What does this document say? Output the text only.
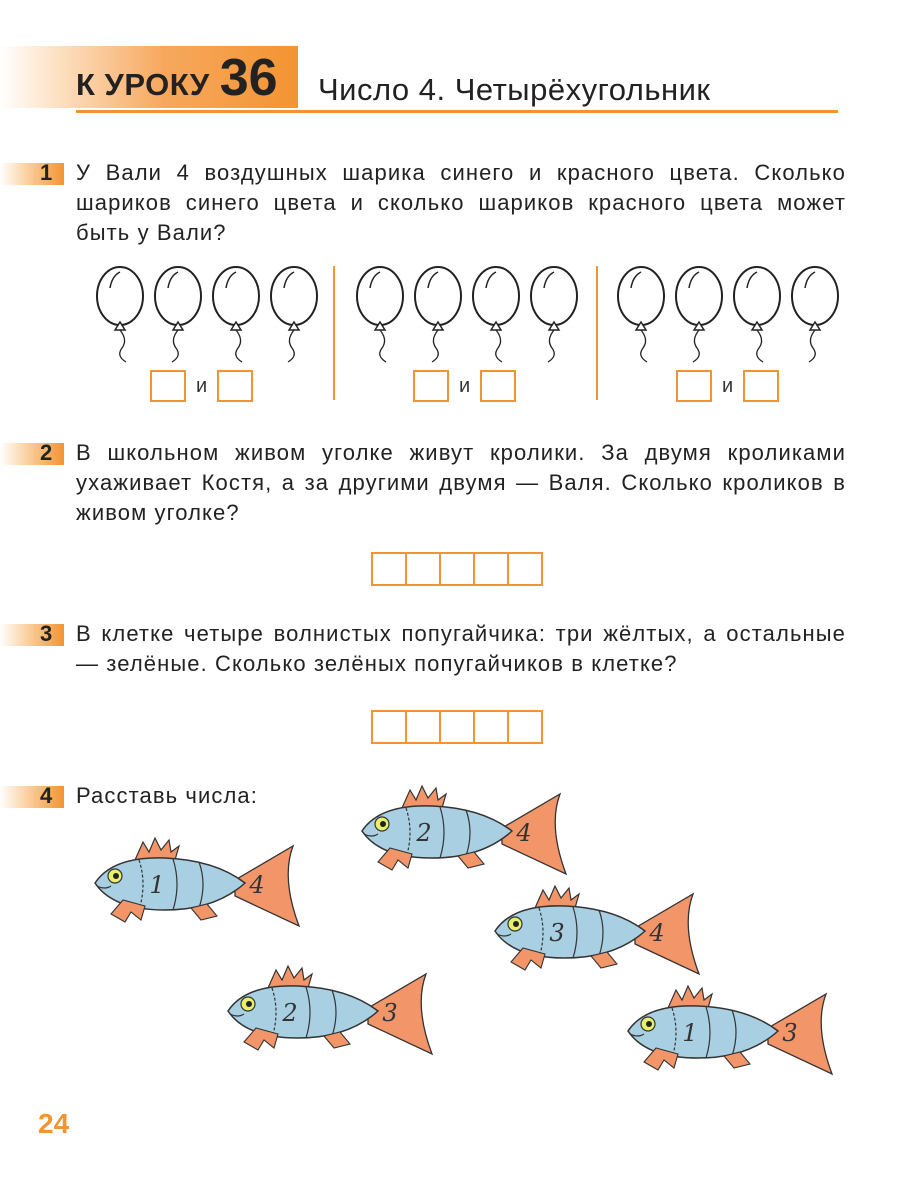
К УРОКУ 36 Число 4. Четырёхугольник
1 У Вали 4 воздушных шарика синего и красного цвета. Сколько шариков синего цвета и сколько шариков красного цвета может быть у Вали?
и	и	и
2 В школьном живом уголке живут кролики. За двумя кроликами ухаживает Костя, а за другими двумя — Валя. Сколько кроликов в живом уголке?
3 В клетке четыре волнистых попугайчика: три жёлтых, а остальные — зелёные. Сколько зелёных попугайчиков в клетке?
4 Расставь числа:
1	4
2	4
3	4
2	3
1	3
24
